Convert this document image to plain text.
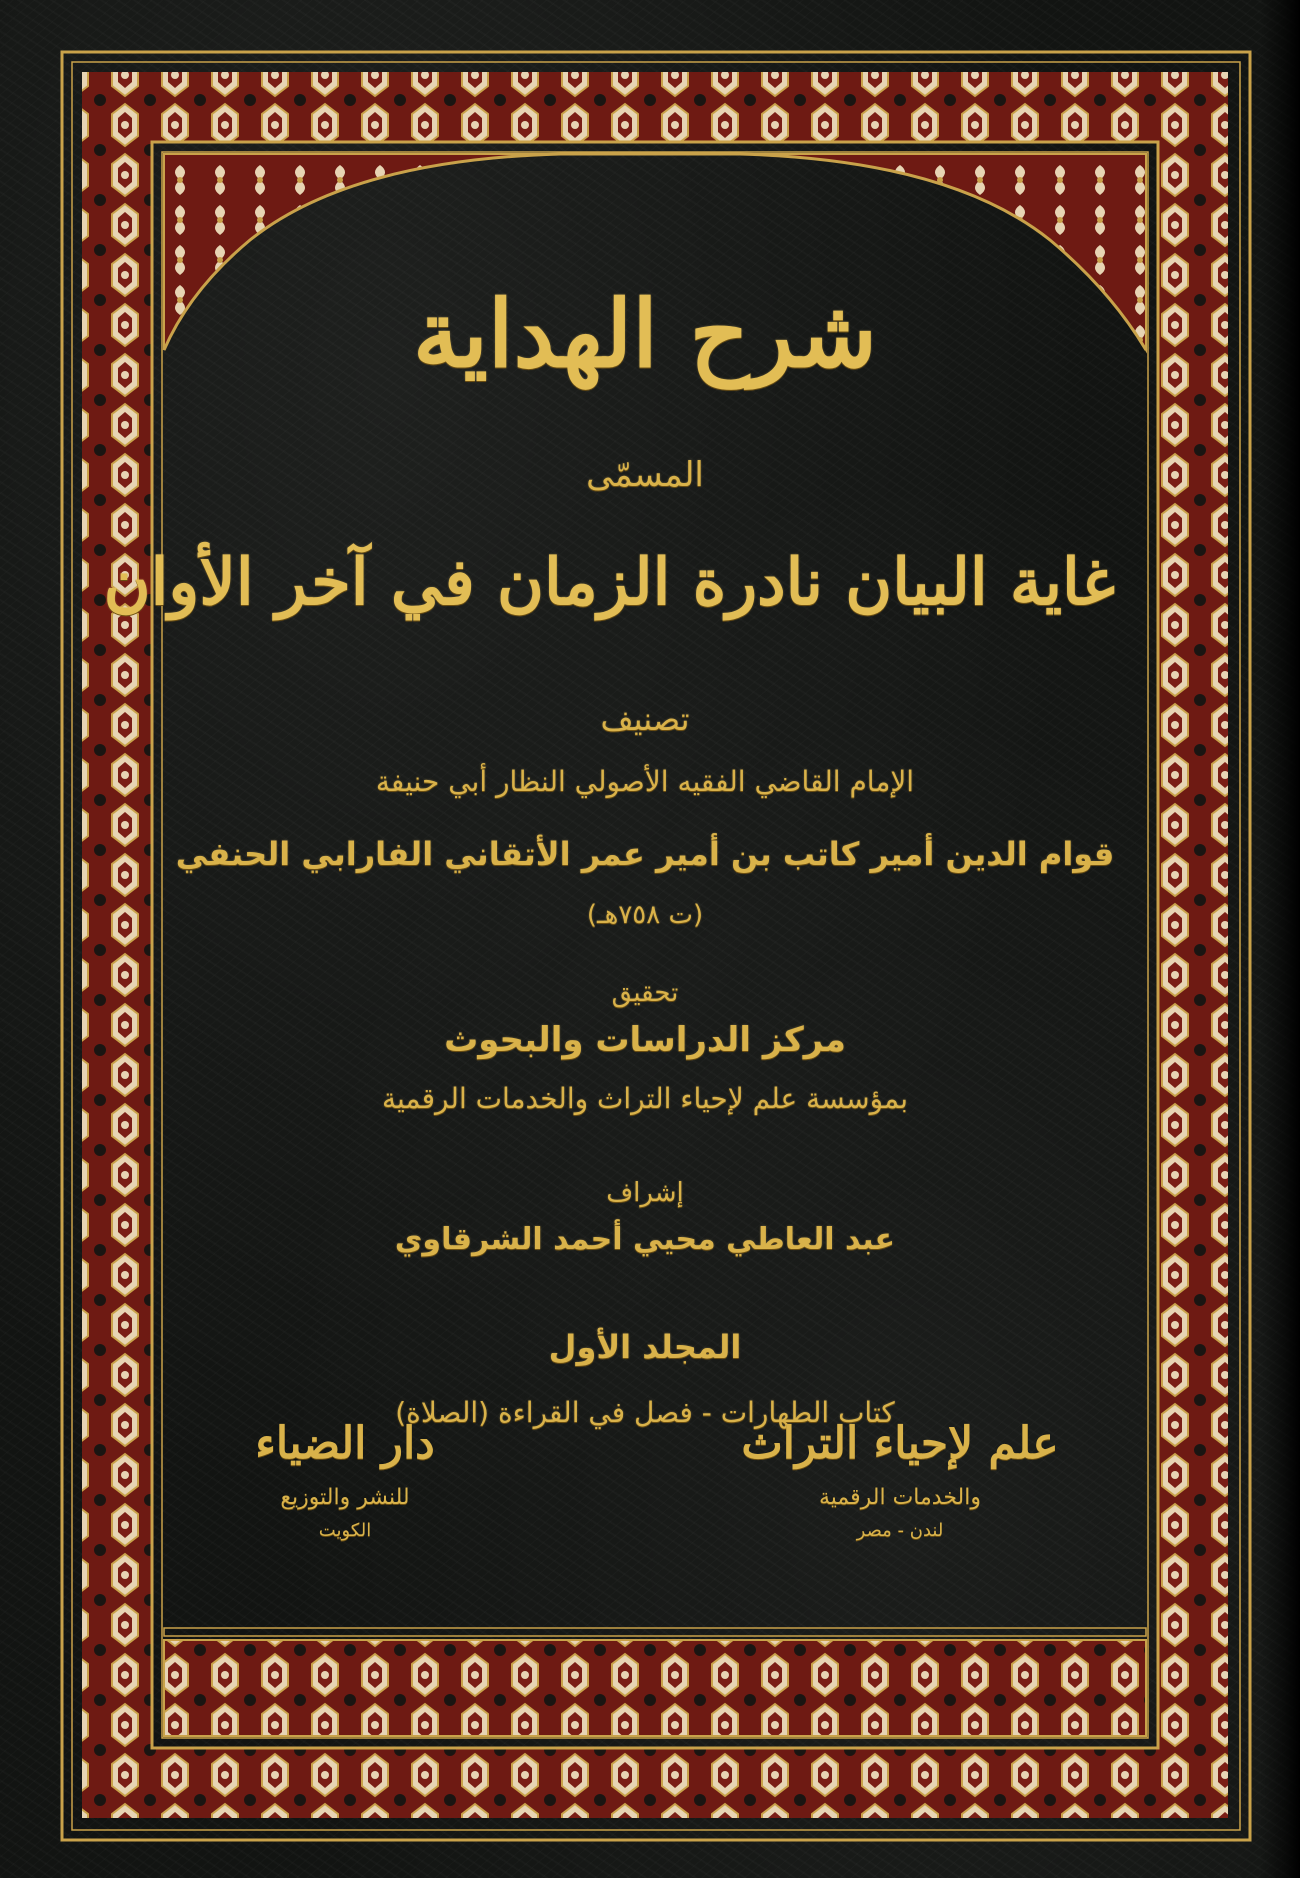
شرح الهداية
المسمّى
غاية البيان نادرة الزمان في آخر الأوان
تصنيف
الإمام القاضي الفقيه الأصولي النظار أبي حنيفة
قوام الدين أمير كاتب بن أمير عمر الأتقاني الفارابي الحنفي
(ت ٧٥٨هـ)
تحقيق
مركز الدراسات والبحوث
بمؤسسة علم لإحياء التراث والخدمات الرقمية
إشراف
عبد العاطي محيي أحمد الشرقاوي
المجلد الأول
كتاب الطهارات - فصل في القراءة (الصلاة)
دار الضياء
للنشر والتوزيع
الكويت
علم لإحياء التراث
والخدمات الرقمية
لندن - مصر
